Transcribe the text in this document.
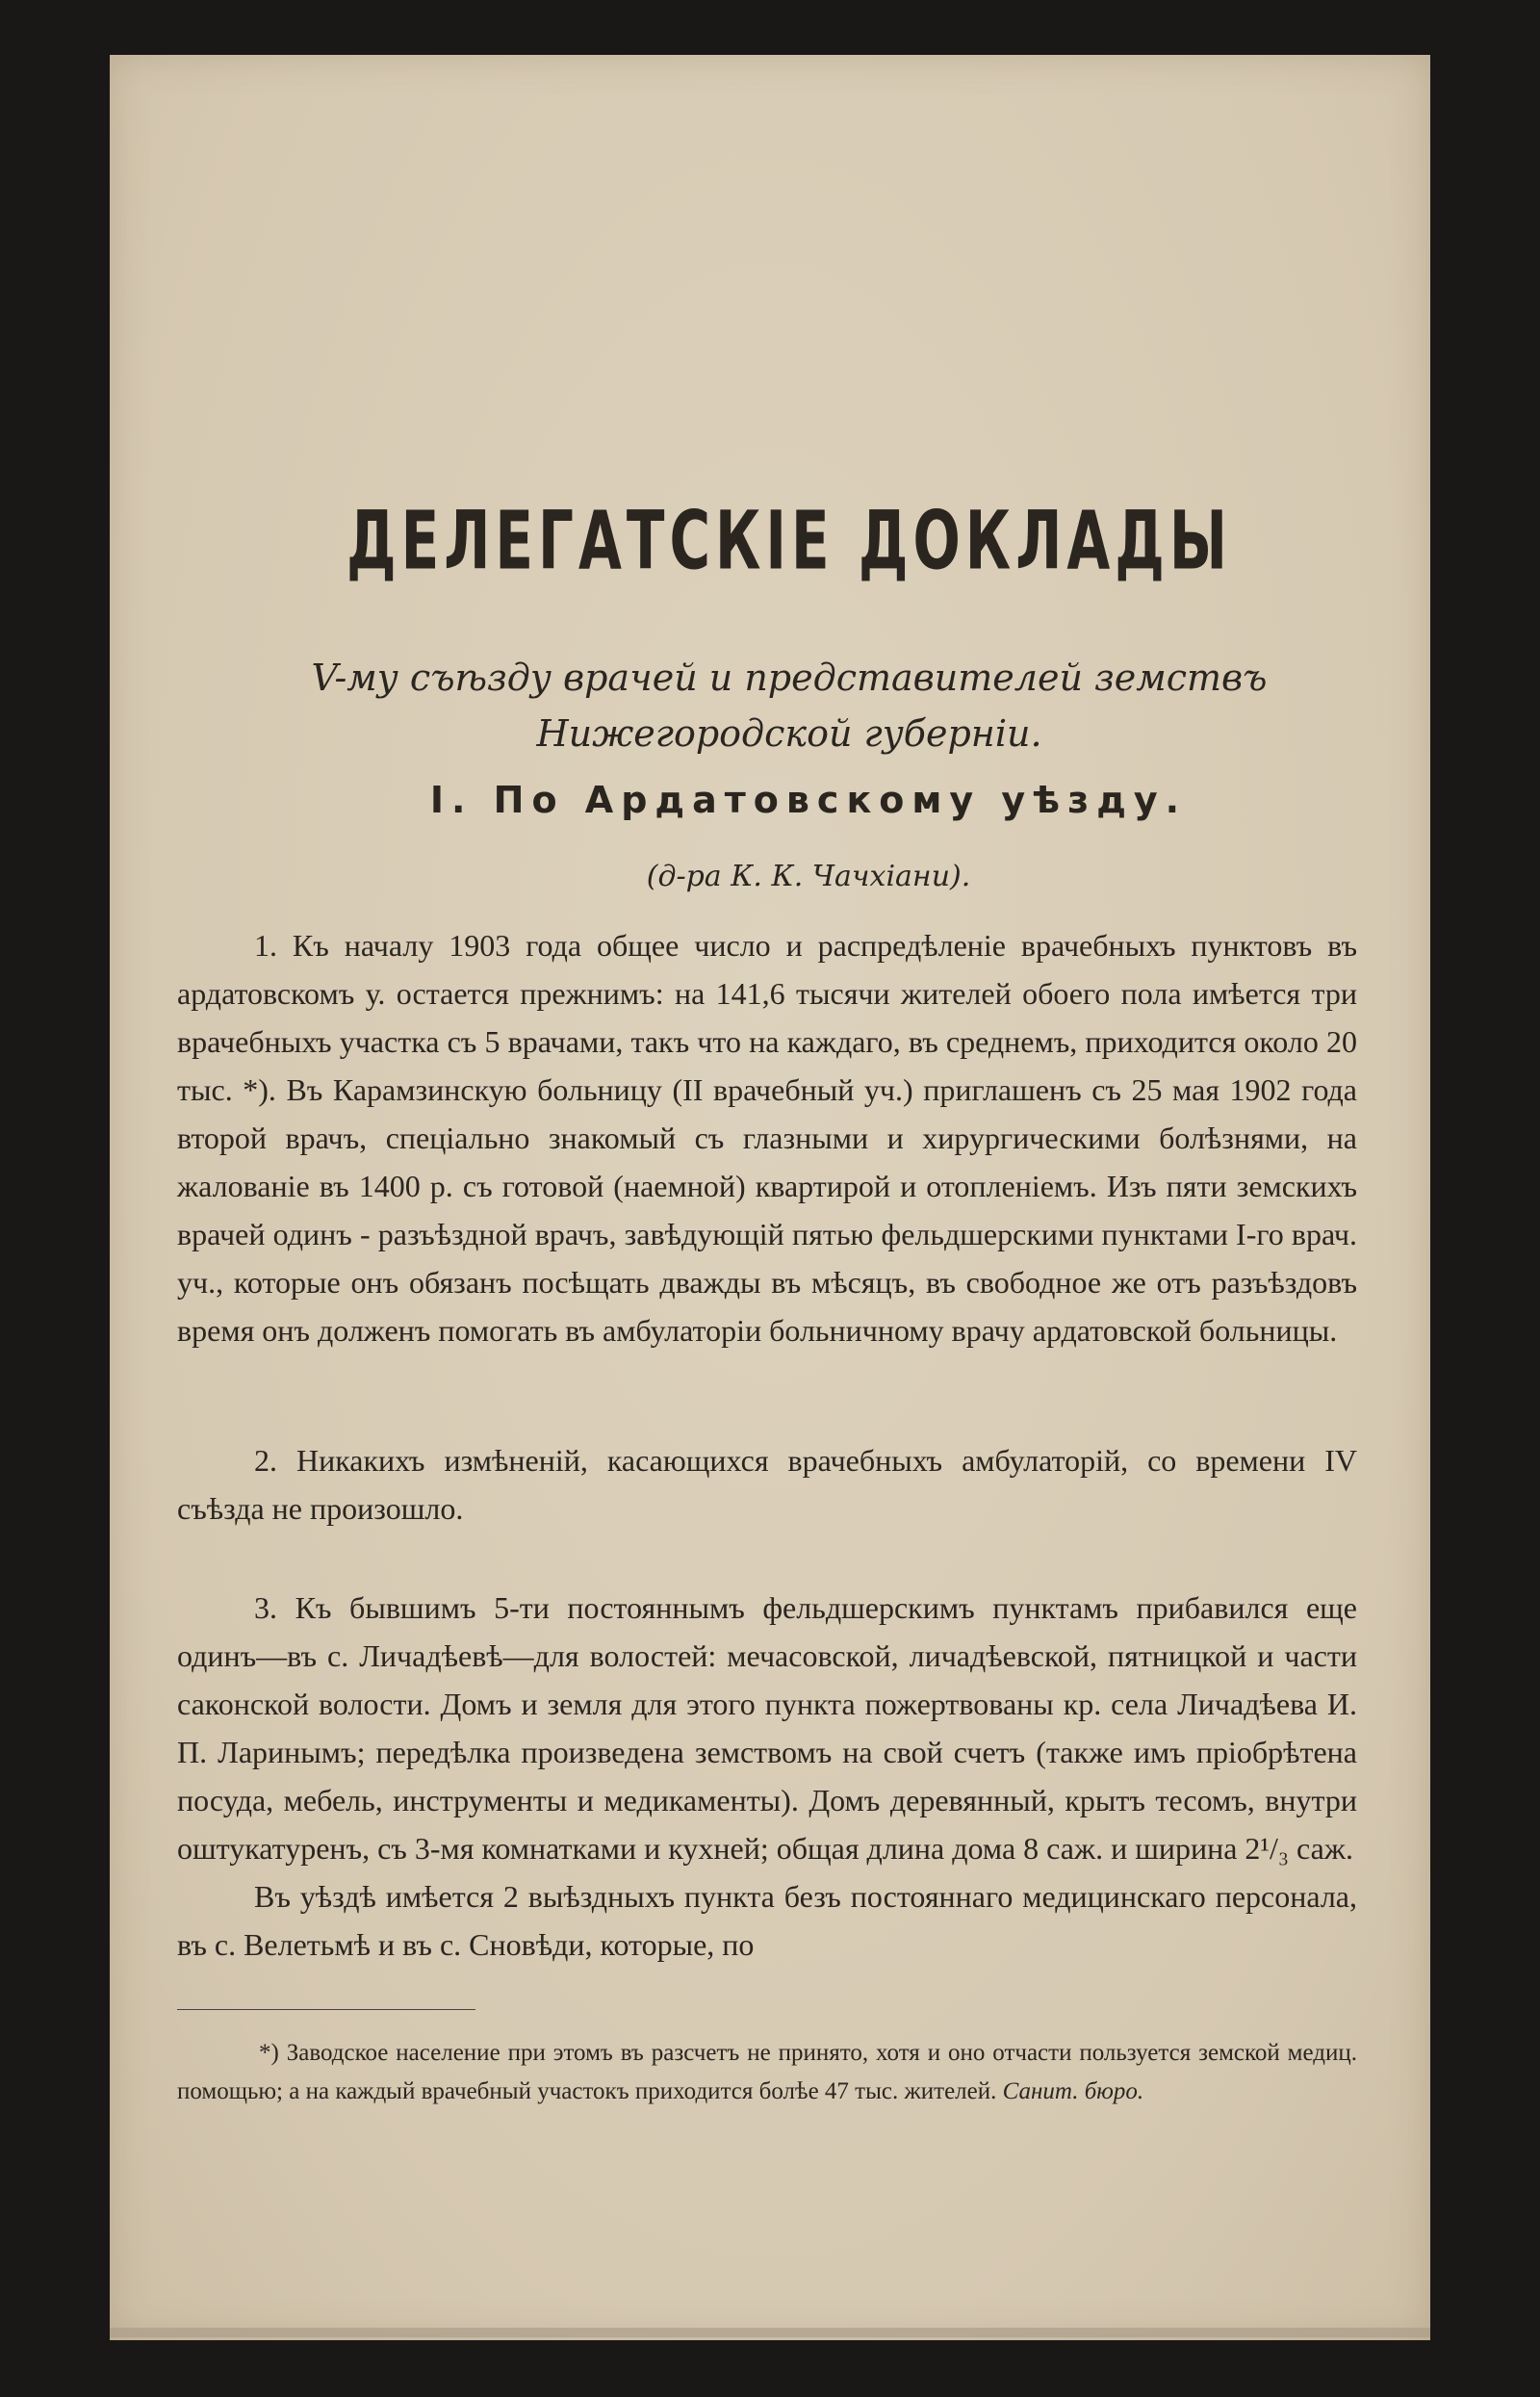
ДЕЛЕГАТСКІЕ ДОКЛАДЫ
V-му съѣзду врачей и представителей земствъ Нижегородской губерніи.
I. По Ардатовскому уѣзду.
(д-ра К. К. Чачхіани).

1. Къ началу 1903 года общее число и распредѣленіе врачебныхъ пунктовъ въ ардатовскомъ у. остается прежнимъ: на 141,6 тысячи жителей обоего пола имѣется три врачебныхъ участка съ 5 врачами, такъ что на каждаго, въ среднемъ, приходится около 20 тыс. *). Въ Карамзинскую больницу (II врачебный уч.) приглашенъ съ 25 мая 1902 года второй врачъ, спеціально знакомый съ глазными и хирургическими болѣзнями, на жалованіе въ 1400 р. съ готовой (наемной) квартирой и отопленіемъ. Изъ пяти земскихъ врачей одинъ - разъѣздной врачъ, завѣдующій пятью фельдшерскими пунктами I-го врач. уч., которые онъ обязанъ посѣщать дважды въ мѣсяцъ, въ свободное же отъ разъѣздовъ время онъ долженъ помогать въ амбулаторіи больничному врачу ардатовской больницы.

2. Никакихъ измѣненій, касающихся врачебныхъ амбулаторій, со времени IV съѣзда не произошло.

3. Къ бывшимъ 5-ти постояннымъ фельдшерскимъ пунктамъ прибавился еще одинъ—въ с. Личадѣевѣ—для волостей: мечасовской, личадѣевской, пятницкой и части саконской волости. Домъ и земля для этого пункта пожертвованы кр. села Личадѣева И. П. Ларинымъ; передѣлка произведена земствомъ на свой счетъ (также имъ пріобрѣтена посуда, мебель, инструменты и медикаменты). Домъ деревянный, крытъ тесомъ, внутри оштукатуренъ, съ 3-мя комнатками и кухней; общая длина дома 8 саж. и ширина 2¹/₃ саж.

Въ уѣздѣ имѣется 2 выѣздныхъ пункта безъ постояннаго медицинскаго персонала, въ с. Велетьмѣ и въ с. Сновѣди, которые, по

*) Заводское население при этомъ въ разсчетъ не принято, хотя и оно отчасти пользуется земской медиц. помощью; а на каждый врачебный участокъ приходится болѣе 47 тыс. жителей. Санит. бюро.
